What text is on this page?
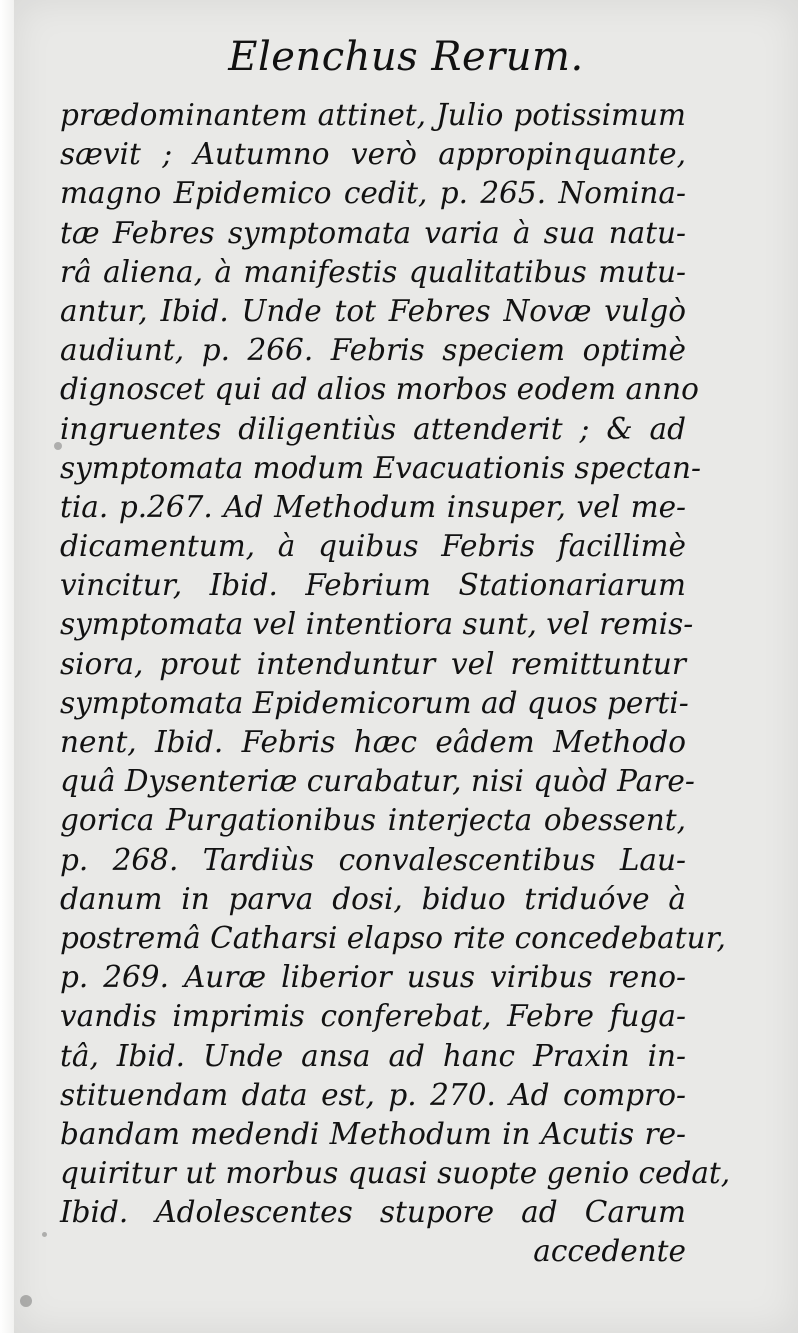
Elenchus Rerum.
prædominantem attinet, Julio potissimum
sævit ; Autumno verò appropinquante,
magno Epidemico cedit, p. 265. Nomina-
tæ Febres symptomata varia à sua natu-
râ aliena, à manifestis qualitatibus mutu-
antur, Ibid. Unde tot Febres Novæ vulgò
audiunt, p. 266. Febris speciem optimè
dignoscet qui ad alios morbos eodem anno
ingruentes diligentiùs attenderit ; & ad
symptomata modum Evacuationis spectan-
tia. p.267. Ad Methodum insuper, vel me-
dicamentum, à quibus Febris facillimè
vincitur, Ibid. Febrium Stationariarum
symptomata vel intentiora sunt, vel remis-
siora, prout intenduntur vel remittuntur
symptomata Epidemicorum ad quos perti-
nent, Ibid. Febris hæc eâdem Methodo
quâ Dysenteriæ curabatur, nisi quòd Pare-
gorica Purgationibus interjecta obessent,
p. 268. Tardiùs convalescentibus Lau-
danum in parva dosi, biduo triduóve à
postremâ Catharsi elapso rite concedebatur,
p. 269. Auræ liberior usus viribus reno-
vandis imprimis conferebat, Febre fuga-
tâ, Ibid. Unde ansa ad hanc Praxin in-
stituendam data est, p. 270. Ad compro-
bandam medendi Methodum in Acutis re-
quiritur ut morbus quasi suopte genio cedat,
Ibid. Adolescentes stupore ad Carum
accedente
